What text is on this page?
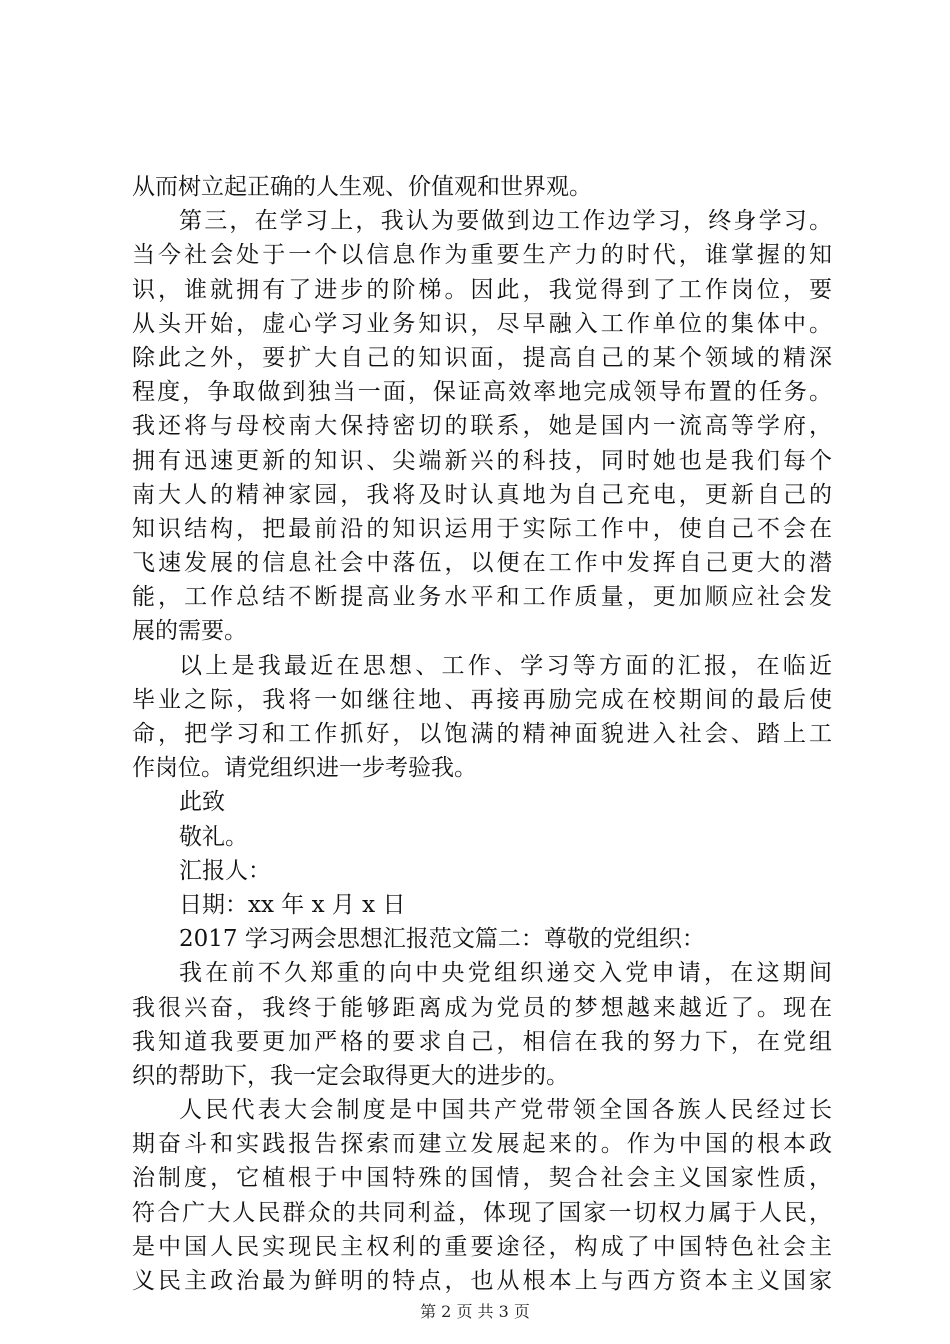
从而树立起正确的人生观、价值观和世界观。
第三，在学习上，我认为要做到边工作边学习，终身学习。
当今社会处于一个以信息作为重要生产力的时代，谁掌握的知
识，谁就拥有了进步的阶梯。因此，我觉得到了工作岗位，要
从头开始，虚心学习业务知识，尽早融入工作单位的集体中。
除此之外，要扩大自己的知识面，提高自己的某个领域的精深
程度，争取做到独当一面，保证高效率地完成领导布置的任务。
我还将与母校南大保持密切的联系，她是国内一流高等学府，
拥有迅速更新的知识、尖端新兴的科技，同时她也是我们每个
南大人的精神家园，我将及时认真地为自己充电，更新自己的
知识结构，把最前沿的知识运用于实际工作中，使自己不会在
飞速发展的信息社会中落伍，以便在工作中发挥自己更大的潜
能，工作总结不断提高业务水平和工作质量，更加顺应社会发
展的需要。
以上是我最近在思想、工作、学习等方面的汇报，在临近
毕业之际，我将一如继往地、再接再励完成在校期间的最后使
命，把学习和工作抓好，以饱满的精神面貌进入社会、踏上工
作岗位。请党组织进一步考验我。
此致
敬礼。
汇报人：
日期：xx 年 x 月 x 日
2017 学习两会思想汇报范文篇二：尊敬的党组织：
我在前不久郑重的向中央党组织递交入党申请，在这期间
我很兴奋，我终于能够距离成为党员的梦想越来越近了。现在
我知道我要更加严格的要求自己，相信在我的努力下，在党组
织的帮助下，我一定会取得更大的进步的。
人民代表大会制度是中国共产党带领全国各族人民经过长
期奋斗和实践报告探索而建立发展起来的。作为中国的根本政
治制度，它植根于中国特殊的国情，契合社会主义国家性质，
符合广大人民群众的共同利益，体现了国家一切权力属于人民，
是中国人民实现民主权利的重要途径，构成了中国特色社会主
义民主政治最为鲜明的特点，也从根本上与西方资本主义国家
第 2 页 共 3 页
